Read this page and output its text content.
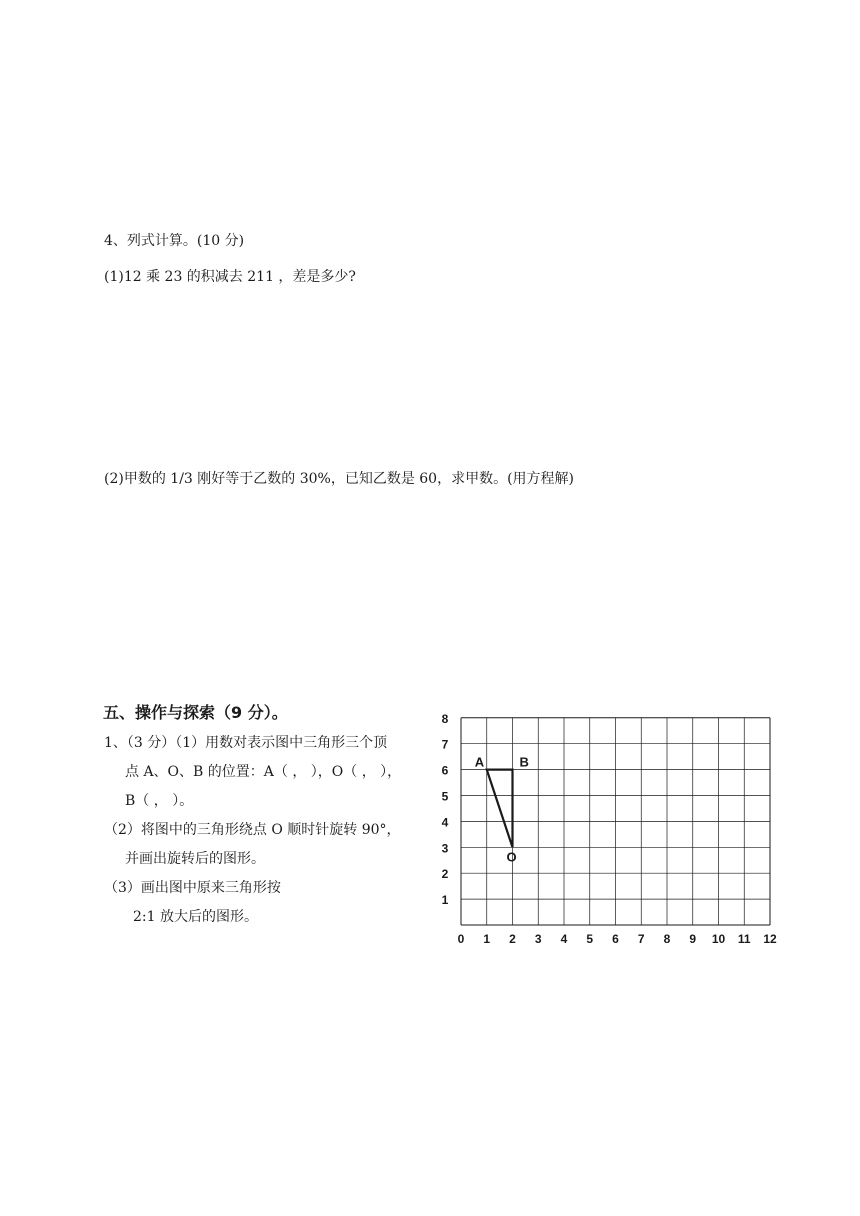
4、列式计算。(10 分)
(1)12 乘 23 的积减去 211 ，差是多少?
(2)甲数的 1/3 刚好等于乙数的 30%，已知乙数是 60，求甲数。(用方程解)
五、操作与探索（9 分）。
1、（3 分）（1）用数对表示图中三角形三个顶
点 A、O、B 的位置：A（ ， ），O（ ， ），
B（ ， ）。
（2）将图中的三角形绕点 O 顺时针旋转 90°，
并画出旋转后的图形。
（3）画出图中原来三角形按
2:1 放大后的图形。
0 1 2 3 4 5 6 7 8 9 10 11 12
1
2
3
4
5
6
7
8
A	B
O
